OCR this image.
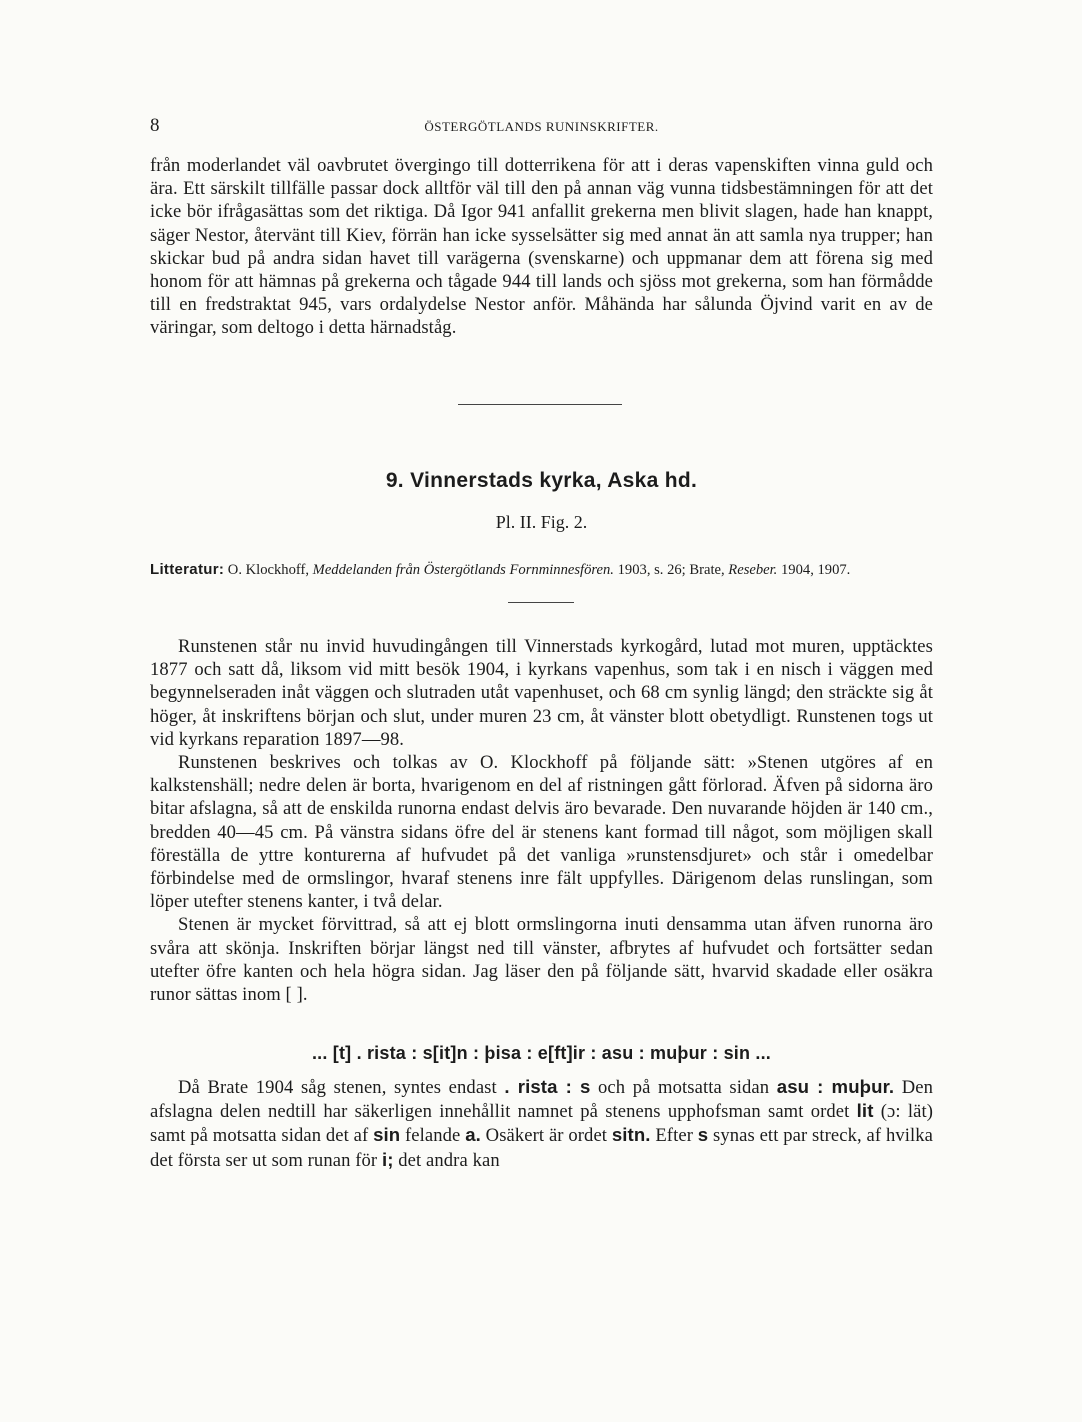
8	ÖSTERGÖTLANDS RUNINSKRIFTER.

från moderlandet väl oavbrutet övergingo till dotterrikena för att i deras vapenskiften vinna guld och ära. Ett särskilt tillfälle passar dock alltför väl till den på annan väg vunna tidsbestämningen för att det icke bör ifrågasättas som det riktiga. Då Igor 941 anfallit grekerna men blivit slagen, hade han knappt, säger Nestor, återvänt till Kiev, förrän han icke sysselsätter sig med annat än att samla nya trupper; han skickar bud på andra sidan havet till varägerna (svenskarne) och uppmanar dem att förena sig med honom för att hämnas på grekerna och tågade 944 till lands och sjöss mot grekerna, som han förmådde till en fredstraktat 945, vars ordalydelse Nestor anför. Måhända har sålunda Öjvind varit en av de väringar, som deltogo i detta härnadståg.

9. Vinnerstads kyrka, Aska hd.
Pl. II. Fig. 2.
Litteratur: O. Klockhoff, Meddelanden från Östergötlands Fornminnesfören. 1903, s. 26; Brate, Reseber. 1904, 1907.

Runstenen står nu invid huvudingången till Vinnerstads kyrkogård, lutad mot muren, upptäcktes 1877 och satt då, liksom vid mitt besök 1904, i kyrkans vapenhus, som tak i en nisch i väggen med begynnelseraden inåt väggen och slutraden utåt vapenhuset, och 68 cm synlig längd; den sträckte sig åt höger, åt inskriftens början och slut, under muren 23 cm, åt vänster blott obetydligt. Runstenen togs ut vid kyrkans reparation 1897—98.

Runstenen beskrives och tolkas av O. Klockhoff på följande sätt: »Stenen utgöres af en kalkstenshäll; nedre delen är borta, hvarigenom en del af ristningen gått förlorad. Äfven på sidorna äro bitar afslagna, så att de enskilda runorna endast delvis äro bevarade. Den nuvarande höjden är 140 cm., bredden 40—45 cm. På vänstra sidans öfre del är stenens kant formad till något, som möjligen skall föreställa de yttre konturerna af hufvudet på det vanliga »runstensdjuret» och står i omedelbar förbindelse med de ormslingor, hvaraf stenens inre fält uppfylles. Därigenom delas runslingan, som löper utefter stenens kanter, i två delar.

Stenen är mycket förvittrad, så att ej blott ormslingorna inuti densamma utan äfven runorna äro svåra att skönja. Inskriften börjar längst ned till vänster, afbrytes af hufvudet och fortsätter sedan utefter öfre kanten och hela högra sidan. Jag läser den på följande sätt, hvarvid skadade eller osäkra runor sättas inom [ ].

... [t] . rista : s[it]n : þisa : e[ft]ir : asu : muþur : sin ...

Då Brate 1904 såg stenen, syntes endast . rista : s och på motsatta sidan asu : muþur. Den afslagna delen nedtill har säkerligen innehållit namnet på stenens upphofsman samt ordet lit (ɔ: lät) samt på motsatta sidan det af sin felande a. Osäkert är ordet sitn. Efter s synas ett par streck, af hvilka det första ser ut som runan för i; det andra kan
